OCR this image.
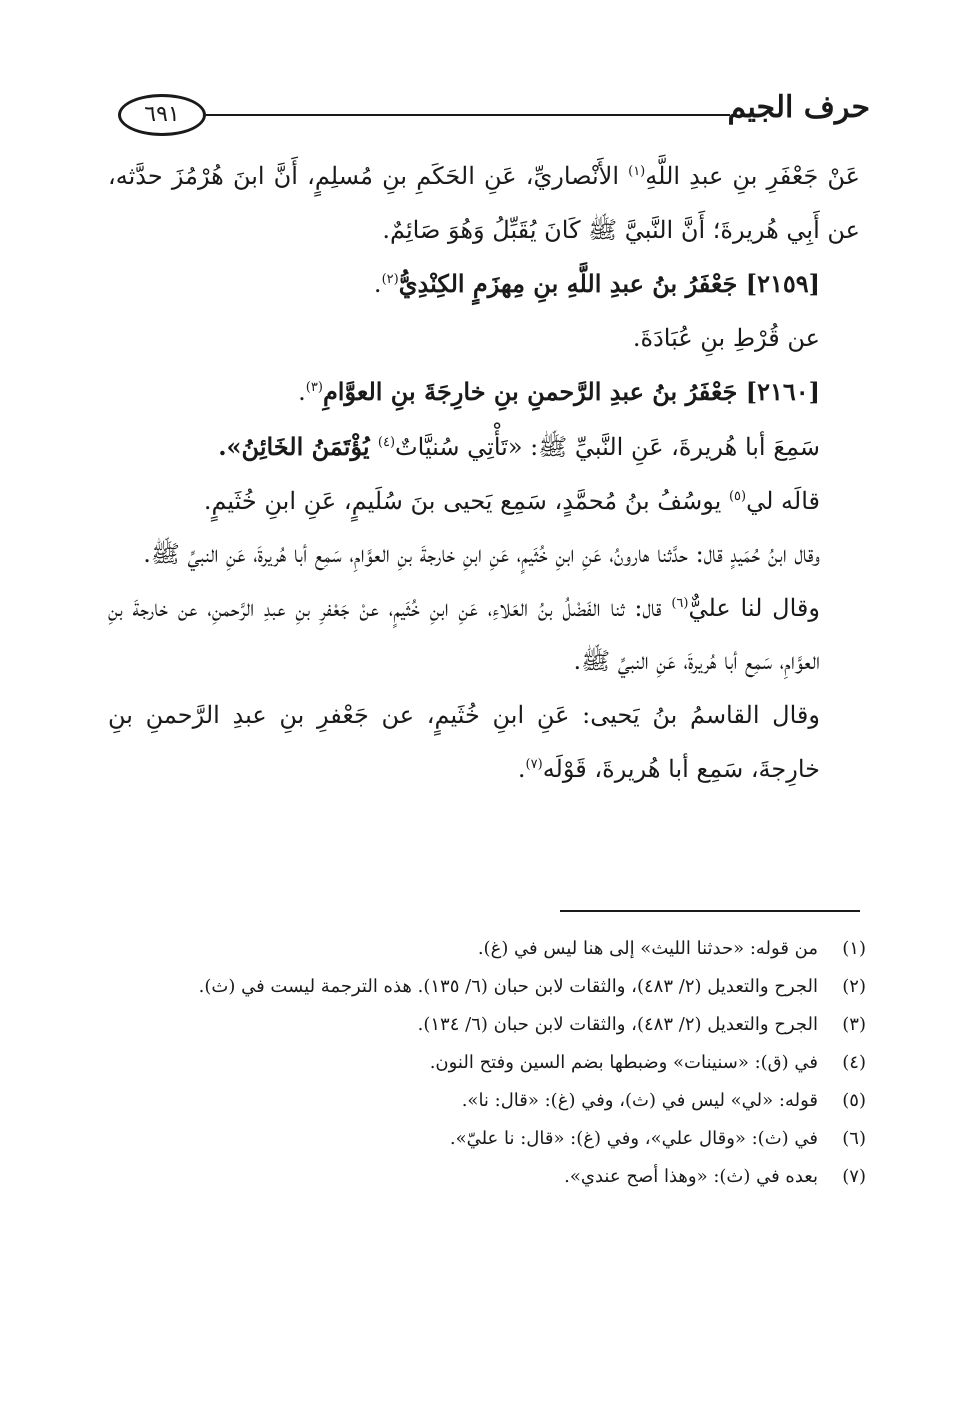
حرف الجيم
٦٩١

عَنْ جَعْفَرِ بنِ عبدِ اللَّهِ$^{(١)}$ الأَنْصاريِّ، عَنِ الحَكَمِ بنِ مُسلِمٍ، أَنَّ ابنَ هُرْمُزَ حدَّثه، عن أَبِي هُريرةَ؛ أَنَّ النَّبيَّ ﷺ كَانَ يُقَبِّلُ وَهُوَ صَائِمٌ.

[٢١٥٩] جَعْفَرُ بنُ عبدِ اللَّهِ بنِ مِهزَمٍ الكِنْدِيُّ$^{(٢)}$.

عن قُرْطِ بنِ عُبَادَةَ.

[٢١٦٠] جَعْفَرُ بنُ عبدِ الرَّحمنِ بنِ خارِجَةَ بنِ العوَّامِ$^{(٣)}$.

سَمِعَ أبا هُريرةَ، عَنِ النَّبيِّ ﷺ: «تَأْتِي سُنيَّاتٌ$^{(٤)}$ يُؤْتَمَنُ الخَائِنُ».

قالَه لي$^{(٥)}$ يوسُفُ بنُ مُحمَّدٍ، سَمِع يَحيى بنَ سُلَيمٍ، عَنِ ابنِ خُثَيمٍ.

وقال ابنُ حُمَيدٍ قال: حدَّثنا هارونُ، عَنِ ابنِ خُثَيمٍ، عَنِ ابنِ خارجةَ بنِ العوَّامِ، سَمِع أبا هُريرةَ، عَنِ النبيِّ ﷺ.

وقال لنا عليٌّ$^{(٦)}$ قال: ثنا الفَضْلُ بنُ العَلاءِ، عَنِ ابنِ خُثَيمٍ، عنْ جَعْفرِ بنِ عبدِ الرَّحمنِ، عن خارجةَ بنِ العوَّامِ، سَمِع أبا هُريرةَ، عَنِ النبيِّ ﷺ.

وقال القاسمُ بنُ يَحيى: عَنِ ابنِ خُثَيمٍ، عن جَعْفرِ بنِ عبدِ الرَّحمنِ بنِ خارِجةَ، سَمِع أبا هُريرةَ، قَوْلَه$^{(٧)}$.

(١)
من قوله: «حدثنا الليث» إلى هنا ليس في (غ).
(٢)
الجرح والتعديل (٢/ ٤٨٣)، والثقات لابن حبان (٦/ ١٣٥). هذه الترجمة ليست في (ث).
(٣)
الجرح والتعديل (٢/ ٤٨٣)، والثقات لابن حبان (٦/ ١٣٤).
(٤)
في (ق): «سنينات» وضبطها بضم السين وفتح النون.
(٥)
قوله: «لي» ليس في (ث)، وفي (غ): «قال: نا».
(٦)
في (ث): «وقال علي»، وفي (غ): «قال: نا عليّ».
(٧)
بعده في (ث): «وهذا أصح عندي».
